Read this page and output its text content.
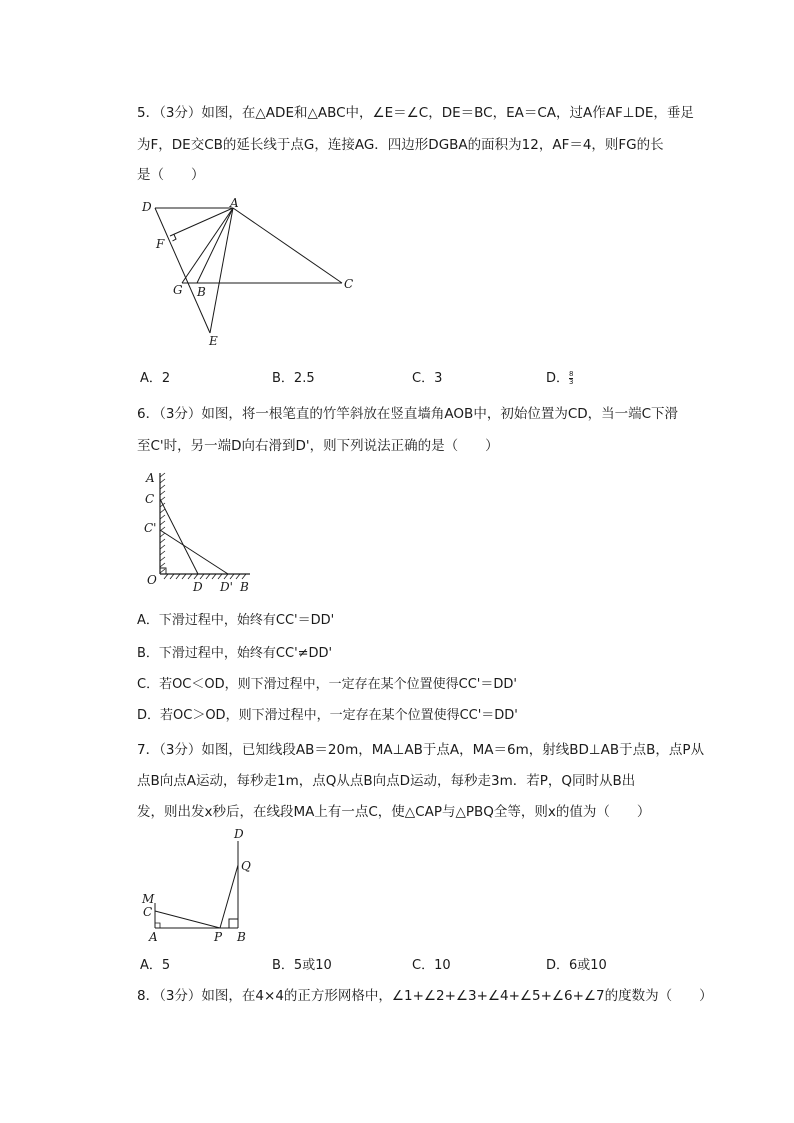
5．（3分）如图，在△ADE和△ABC中，∠E＝∠C，DE＝BC，EA＝CA，过A作AF⊥DE，垂足
为F，DE交CB的延长线于点G，连接AG．四边形DGBA的面积为12，AF＝4，则FG的长
是（　　）
D	A
F
G B
C
E
A．2	B．2.5	C．3	D． $\frac{8}{3}$
6．（3分）如图，将一根笔直的竹竿斜放在竖直墙角AOB中，初始位置为CD，当一端C下滑
至C'时，另一端D向右滑到D'，则下列说法正确的是（　　）
A
C
C'
O	D D' B
A．下滑过程中，始终有CC'＝DD'
B．下滑过程中，始终有CC'≠DD'
C．若OC＜OD，则下滑过程中，一定存在某个位置使得CC'＝DD'
D．若OC＞OD，则下滑过程中，一定存在某个位置使得CC'＝DD'
7．（3分）如图，已知线段AB＝20m，MA⊥AB于点A，MA＝6m，射线BD⊥AB于点B，点P从
点B向点A运动，每秒走1m，点Q从点B向点D运动，每秒走3m．若P，Q同时从B出
发，则出发x秒后，在线段MA上有一点C，使△CAP与△PBQ全等，则x的值为（　　）
D
Q
M
C
A	P B
A．5	B．5或10	C．10	D．6或10
8．（3分）如图，在4×4的正方形网格中，∠1+∠2+∠3+∠4+∠5+∠6+∠7的度数为（　　）
